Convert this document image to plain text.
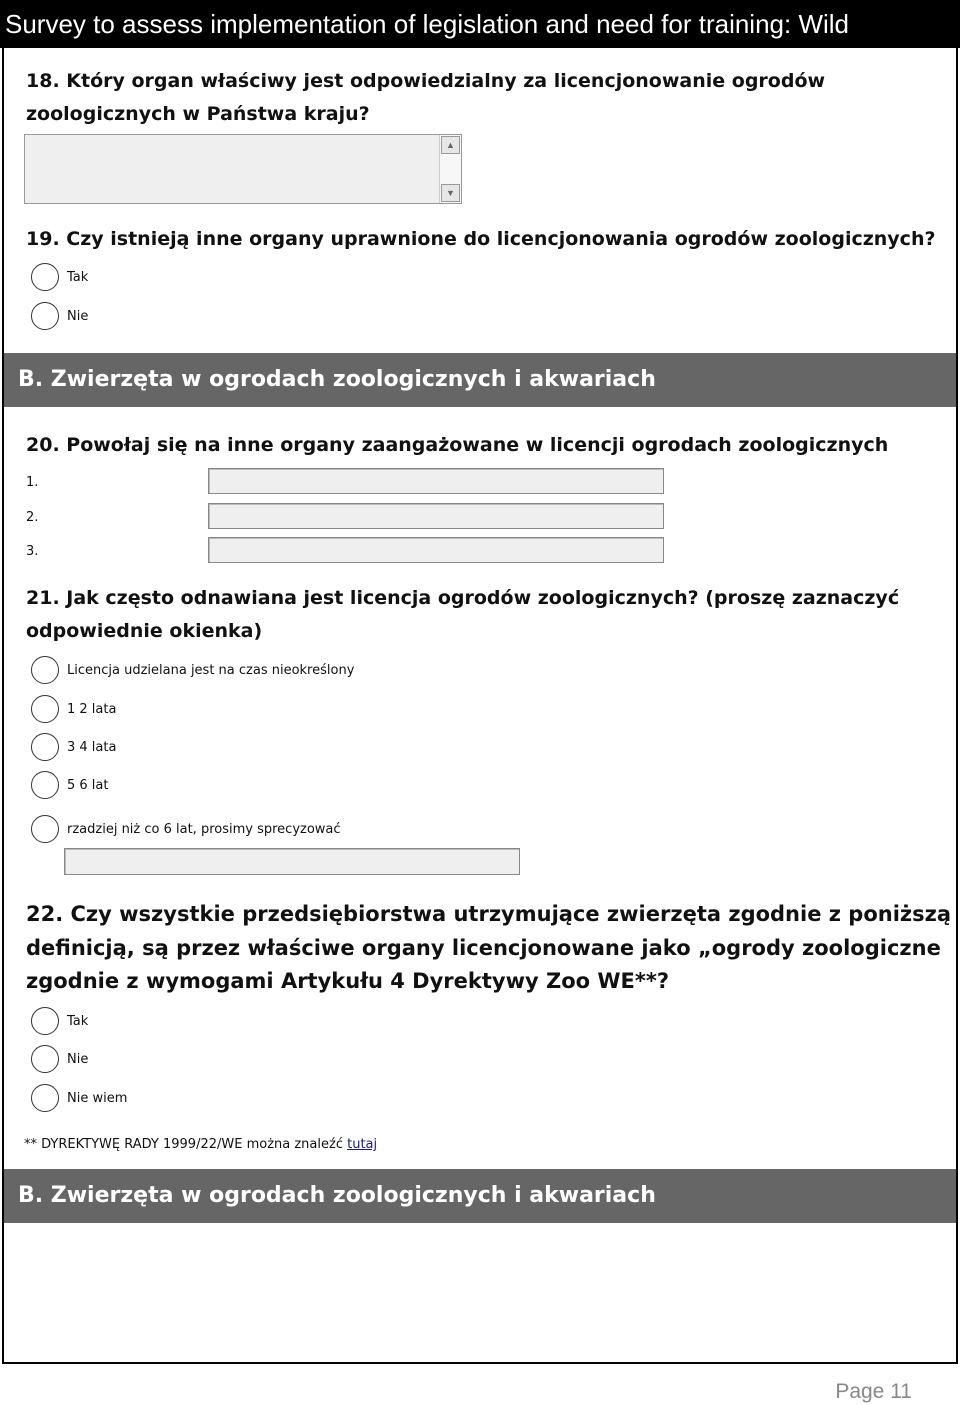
Survey to assess implementation of legislation and need for training: Wild
18. Który organ właściwy jest odpowiedzialny za licencjonowanie ogrodów
zoologicznych w Państwa kraju?
▲
▼
19. Czy istnieją inne organy uprawnione do licencjonowania ogrodów zoologicznych?
Tak
Nie
B. Zwierzęta w ogrodach zoologicznych i akwariach
20. Powołaj się na inne organy zaangażowane w licencji ogrodach zoologicznych
1.
2.
3.
21. Jak często odnawiana jest licencja ogrodów zoologicznych? (proszę zaznaczyć
odpowiednie okienka)
Licencja udzielana jest na czas nieokreślony
1 2 lata
3 4 lata
5 6 lat
rzadziej niż co 6 lat, prosimy sprecyzować
22. Czy wszystkie przedsiębiorstwa utrzymujące zwierzęta zgodnie z poniższą
definicją, są przez właściwe organy licencjonowane jako „ogrody zoologiczne
zgodnie z wymogami Artykułu 4 Dyrektywy Zoo WE**?
Tak
Nie
Nie wiem
** DYREKTYWĘ RADY 1999/22/WE można znaleźć tutaj
B. Zwierzęta w ogrodach zoologicznych i akwariach
Page 11
